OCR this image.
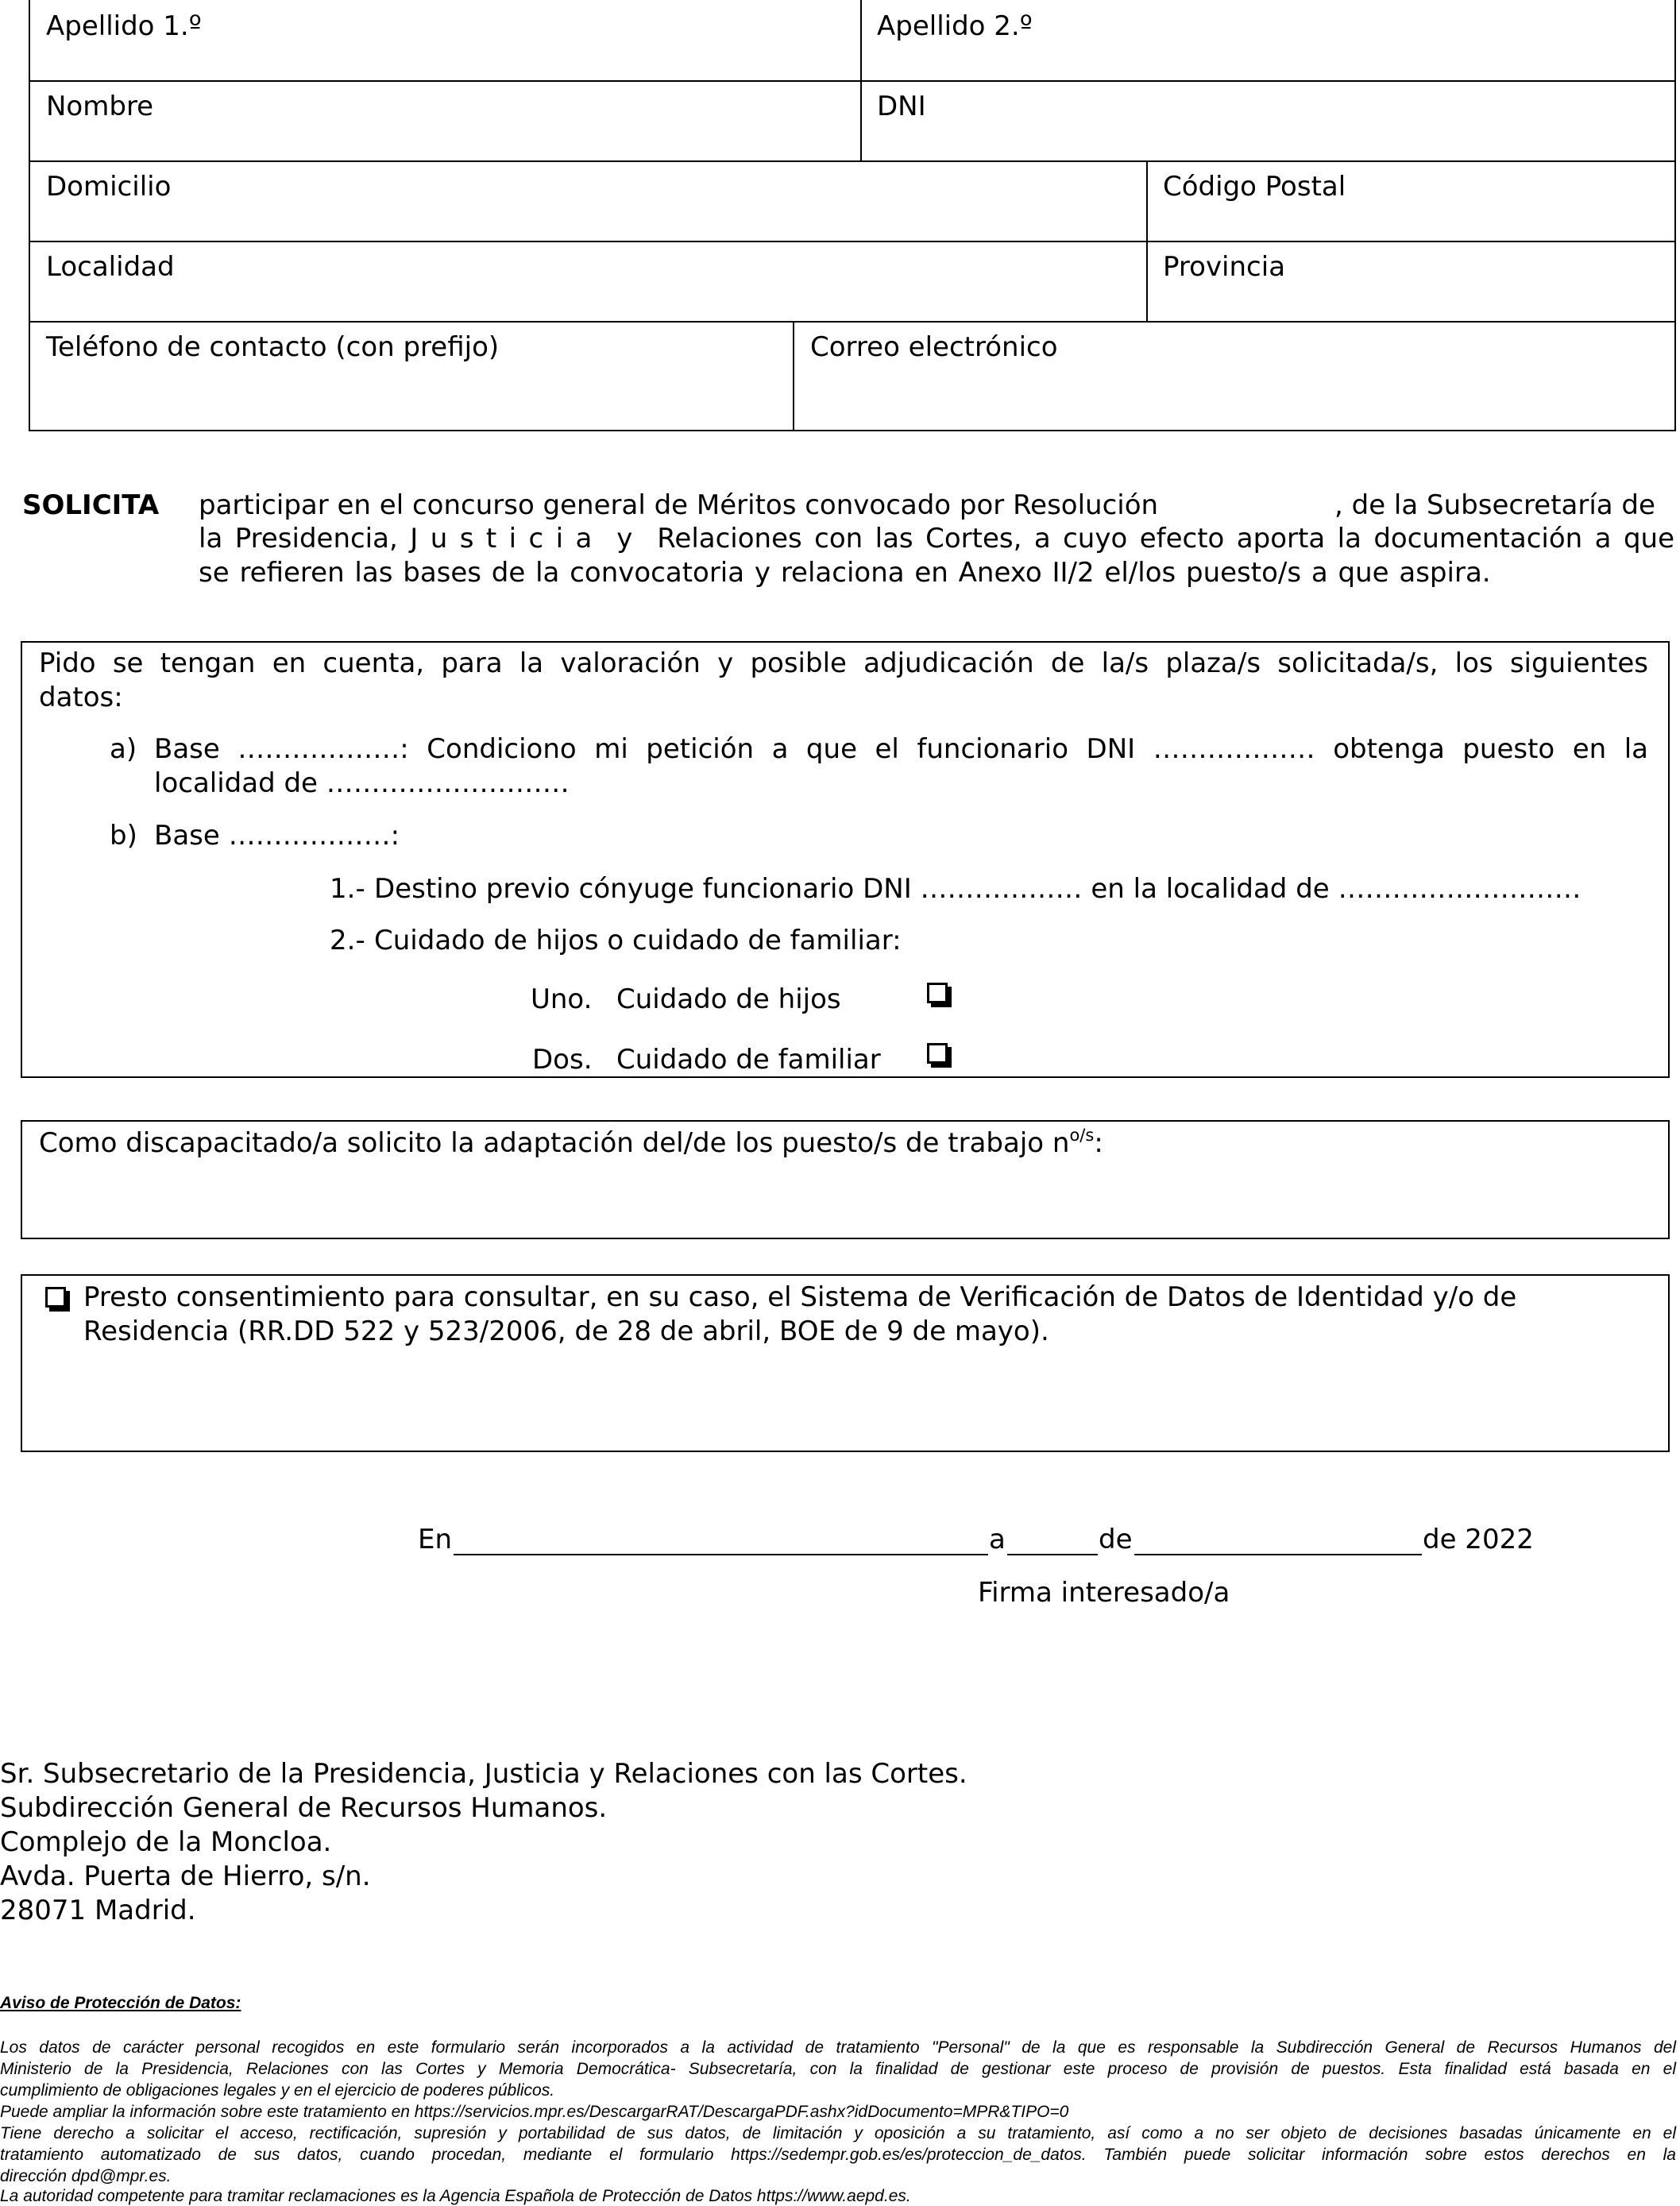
Apellido 1.º	Apellido 2.º
Nombre	DNI
Domicilio	Código Postal
Localidad	Provincia
Teléfono de contacto (con prefijo)	Correo electrónico
SOLICITA participar en el concurso general de Méritos convocado por Resolución	, de la Subsecretaría de
la Presidencia, J u s t i c i a  y  Relaciones con las Cortes, a cuyo efecto aporta la documentación a que
se refieren las bases de la convocatoria y relaciona en Anexo II/2 el/los puesto/s a que aspira.
Pido se tengan en cuenta, para la valoración y posible adjudicación de la/s plaza/s solicitada/s, los siguientes
datos:
a) Base ………………: Condiciono mi petición a que el funcionario DNI ……………… obtenga puesto en la
localidad de ………………………
b) Base ………………:
1.- Destino previo cónyuge funcionario DNI ……………… en la localidad de ………………………
2.- Cuidado de hijos o cuidado de familiar:
Uno. Cuidado de hijos
Dos. Cuidado de familiar
Como discapacitado/a solicito la adaptación del/de los puesto/s de trabajo $n^{o/s}$:
Presto consentimiento para consultar, en su caso, el Sistema de Verificación de Datos de Identidad y/o de
Residencia (RR.DD 522 y 523/2006, de 28 de abril, BOE de 9 de mayo).
En	a	de	de 2022
Firma interesado/a
Sr. Subsecretario de la Presidencia, Justicia y Relaciones con las Cortes.
Subdirección General de Recursos Humanos.
Complejo de la Moncloa.
Avda. Puerta de Hierro, s/n.
28071 Madrid.
Aviso de Protección de Datos:
Los datos de carácter personal recogidos en este formulario serán incorporados a la actividad de tratamiento "Personal" de la que es responsable la Subdirección General de Recursos Humanos del
Ministerio de la Presidencia, Relaciones con las Cortes y Memoria Democrática- Subsecretaría, con la finalidad de gestionar este proceso de provisión de puestos. Esta finalidad está basada en el
cumplimiento de obligaciones legales y en el ejercicio de poderes públicos.
Puede ampliar la información sobre este tratamiento en https://servicios.mpr.es/DescargarRAT/DescargaPDF.ashx?idDocumento=MPR&TIPO=0
Tiene derecho a solicitar el acceso, rectificación, supresión y portabilidad de sus datos, de limitación y oposición a su tratamiento, así como a no ser objeto de decisiones basadas únicamente en el
tratamiento automatizado de sus datos, cuando procedan, mediante el formulario https://sedempr.gob.es/es/proteccion_de_datos. También puede solicitar información sobre estos derechos en la
dirección dpd@mpr.es.
La autoridad competente para tramitar reclamaciones es la Agencia Española de Protección de Datos https://www.aepd.es.
